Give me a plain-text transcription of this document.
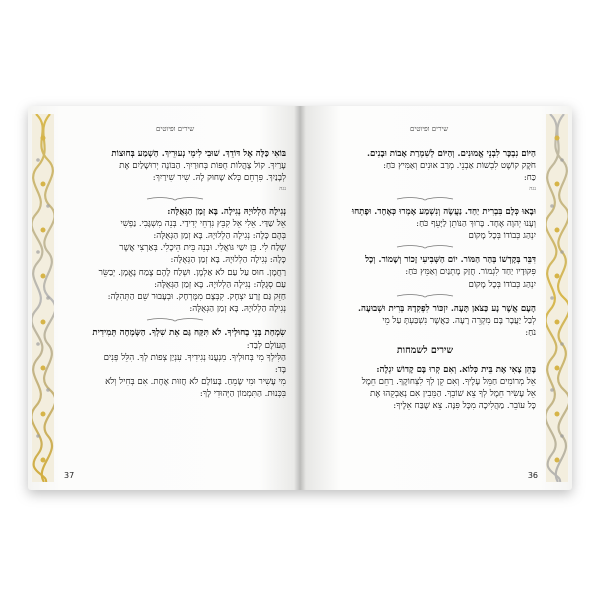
שירים ופיוטים
בּוֹאִי כַּלָּה אֶל דּוֹדֵךְ. שׁוּבִי לִימֵי נְעוּרֵיךְ. הַשְׁמַע בְּחוּצוֹת
עָרַיִךְ. קוֹל צָהֳלוֹת חֻפּוֹת בְּחוּרַיִךְ. הַבּוֹנֶה יְרוּשָׁלַיִם אֶת
לְבָנַיִךְ. פִּרְחֵם כְּלֹא שָׁחוּק לָהּ. שִׁיר שִׁירַיִךְ:
נגה
נְגִילָה הַלְלוּיָהּ נְגִילָה. בָּא זְמַן הַגְּאֻלָּה:
אֵל שַׁדַּי. אֵלִי אֵל קִבֵּץ נִדְחֵי יְדִידַי. בְּנֵה מִשְׁגָּבִי. נַפְשִׁי
בְּהֶם כָּלָה: נְגִילָה הַלְלוּיָהּ. בָּא זְמַן הַגְּאֻלָּה:
שְׁלַח לִי. בֵּן יִשַׁי גּוֹאֲלִי. וּבְנֵה בֵּית הֵיכָלִי. בְּאַרְצִי אֲשֶׁר
כָּלָה: נְגִילָה הַלְלוּיָהּ. בָּא זְמַן הַגְּאֻלָּה:
רַחֲמָן. חוּס עַל עַם לֹא אַלְמָן. וּשְׁלַח לָהֶם צֶמַח נֶאֱמָן. יְבַשֵּׂר
עַם סְגֻלָּה: נְגִילָה הַלְלוּיָהּ. בָּא זְמַן הַגְּאֻלָּה:
חַזֵּק גַּם זֶרַע יִצְחָק. קִבְּצָם מִמֶּרְחָק. וּבְעָבוּר שֵׁם הַתְּהִלָּה:
נְגִילָה הַלְלוּיָהּ. בָּא זְמַן הַגְּאֻלָּה:
שִׂמְחַת בְּנֵי בְחוּלְיךָ. לֹא תִּקַּח גַּם אֵת שִׁלְךָ. הַשְּׂמְחָה תְּמִידִית
הָעוֹלָם לְבַד:
הַלִּילְךָ מִי בְּחוּלְיךָ. מִנְעֲנוּ נְגִידִיךָ. עִנְיַן צְפוֹת לְךָ. הִלֵּל פְּנִים
בָּד:
מִי עָשִׁיר וּמִי שָׂמֵחַ. בָּעוֹלָם לֹא חֲזוּת אֶחָת. אִם בְּחִיל וְלֹא
בִּכְּנוּת. הַתִּמְמוֹן הַיְּהוּדִי לָךְ:
37
שירים ופיוטים
הַיּוֹם נִבְכָּר לִבְנֵי אֱמוּנִים. וְהַיּוֹם לְשִׁמְרַת אָבוֹת וּבָנִים.
חֹקֶק קוֹשֶׁט לִבְשׁוֹת אַבְנֵי. מְרַב אוּנִים וְאַמִּיץ כֹּחַ:
כַּח:
נגה
וּבָאוּ כְּלָם בִּבְרִית יַחַד. נַעֲשֶׂה וְנִשְׁמַע אָמְרוּ כְּאֶחָד. וּפָתְחוּ
וְעָנוּ יְהוָה אֶחָד. בָּרוּךְ הַנּוֹתֵן לַיָּעֵף כֹּחַ:
יִנְהַג כְּבוֹדוֹ בְּכָל מָקוֹם
דִּבֵּר בְּקָדְשׁוֹ בְּהַר הַמּוֹר. יוֹם הַשְּׁבִיעִי זָכוֹר וְשָׁמוֹר. וְכָל
פִּקּוּדָיו יַחַד לִגְמוֹר. חֲזַק מָתְנַיִם וְאַמֵּץ כֹּחַ:
יִנְהַג כְּבוֹדוֹ בְּכָל מָקוֹם
הָעָם אֲשֶׁר נָע כַּצֹּאן תָּעָה. יִזְכּוֹר לִפְקִדָהּ בְּרִית וּשְׁבוּעָה.
לְבַל יַעֲבָר בָּם מִקְרֵה רָעָה. כַּאֲשֶׁר נִשְׁבַּעְתָּ עַל מֵי
נֹחַ:
שירים לשמחות
בָּהֵן צָאִי אֶת בֵּית כְּלוֹא. וְאִם קְרוּ בָּם קָדוֹשׁ יִגְלֶה:
אֵל מְרוֹמִים חַמֵּל עָלֶיךָ. וְאִם קֵן לְךָ לִצְּחוֹקֶךָ. רַחֵם חֵמֶל
אֵל עָשִׂיר חֵמֶל לְךָ צֵא שׁוֹבֵךְ. הַמֵּבִין אִם נְאַבְקֵהוּ אֶת
כָּל עוֹבֵר. מַהֲלִיכָה מִכָּל פִּנָּה. צֵא שֶׁבַּח אֵלֶיךָ:
36
